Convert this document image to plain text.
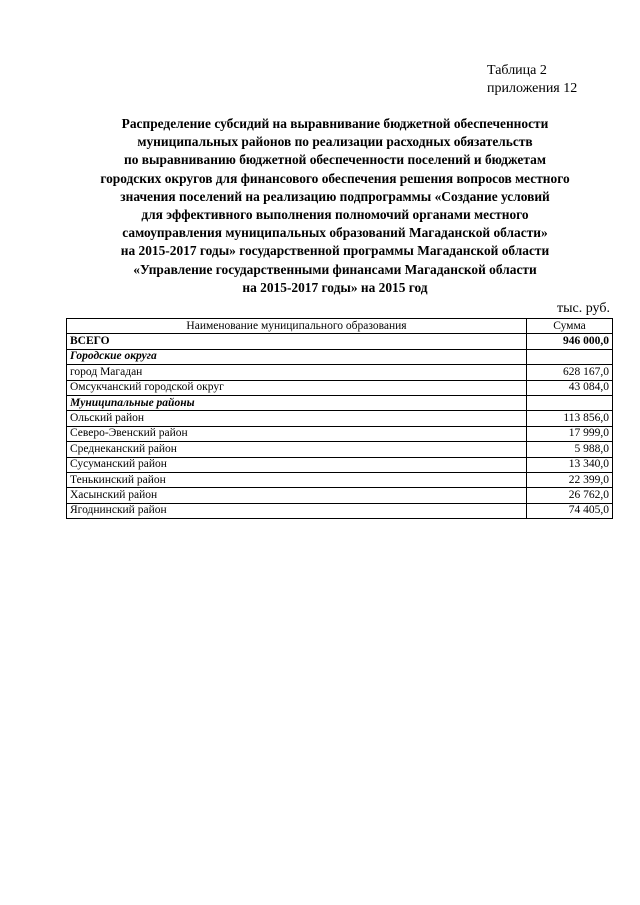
Таблица 2
приложения 12
Распределение субсидий на выравнивание бюджетной обеспеченности
муниципальных районов по реализации расходных обязательств
по выравниванию бюджетной обеспеченности поселений и бюджетам
городских округов для финансового обеспечения решения вопросов местного
значения поселений на реализацию подпрограммы «Создание условий
для эффективного выполнения полномочий органами местного
самоуправления муниципальных образований Магаданской области»
на 2015-2017 годы» государственной программы Магаданской области
«Управление государственными финансами Магаданской области
на 2015-2017 годы» на 2015 год
тыс. руб.
Наименование муниципального образования	Сумма
ВСЕГО	946 000,0
Городские округа	
город Магадан	628 167,0
Омсукчанский городской округ	43 084,0
Муниципальные районы	
Ольский район	113 856,0
Северо-Эвенский район	17 999,0
Среднеканский район	5 988,0
Сусуманский район	13 340,0
Тенькинский район	22 399,0
Хасынский район	26 762,0
Ягоднинский район	74 405,0
